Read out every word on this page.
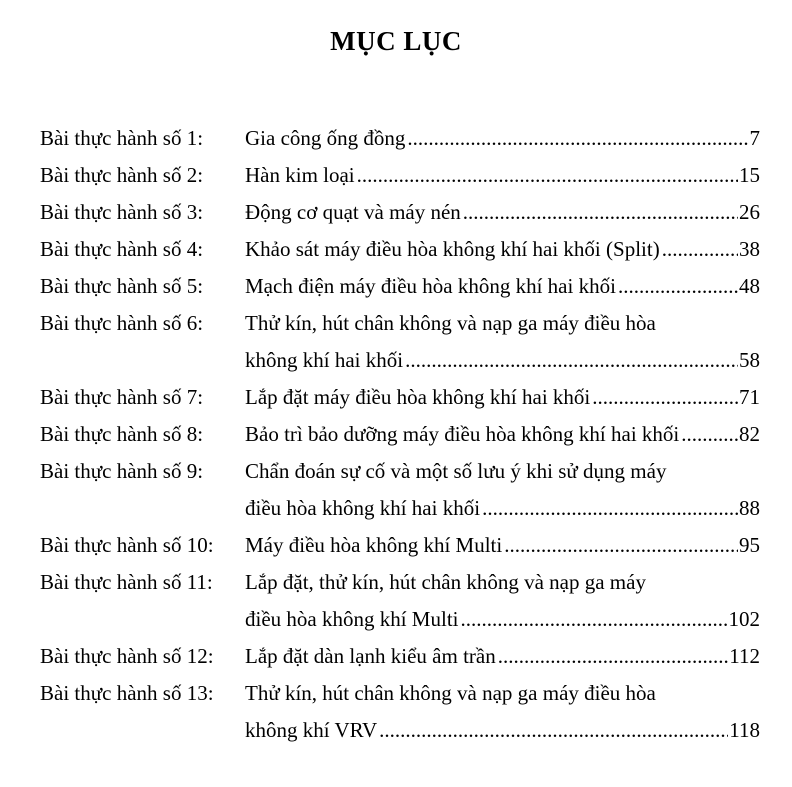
MỤC LỤC
Bài thực hành số 1: Gia công ống đồng .....	7
Bài thực hành số 2: Hàn kim loại .....	15
Bài thực hành số 3: Động cơ quạt và máy nén .....	26
Bài thực hành số 4: Khảo sát máy điều hòa không khí hai khối (Split) .....	38
Bài thực hành số 5: Mạch điện máy điều hòa không khí hai khối .....	48
Bài thực hành số 6: Thử kín, hút chân không và nạp ga máy điều hòa
không khí hai khối .....	58
Bài thực hành số 7: Lắp đặt máy điều hòa không khí hai khối .....	71
Bài thực hành số 8: Bảo trì bảo dưỡng máy điều hòa không khí hai khối .....	82
Bài thực hành số 9: Chẩn đoán sự cố và một số lưu ý khi sử dụng máy
điều hòa không khí hai khối .....	88
Bài thực hành số 10: Máy điều hòa không khí Multi .....	95
Bài thực hành số 11: Lắp đặt, thử kín, hút chân không và nạp ga máy
điều hòa không khí Multi .....	102
Bài thực hành số 12: Lắp đặt dàn lạnh kiểu âm trần .....	112
Bài thực hành số 13: Thử kín, hút chân không và nạp ga máy điều hòa
không khí VRV .....	118
